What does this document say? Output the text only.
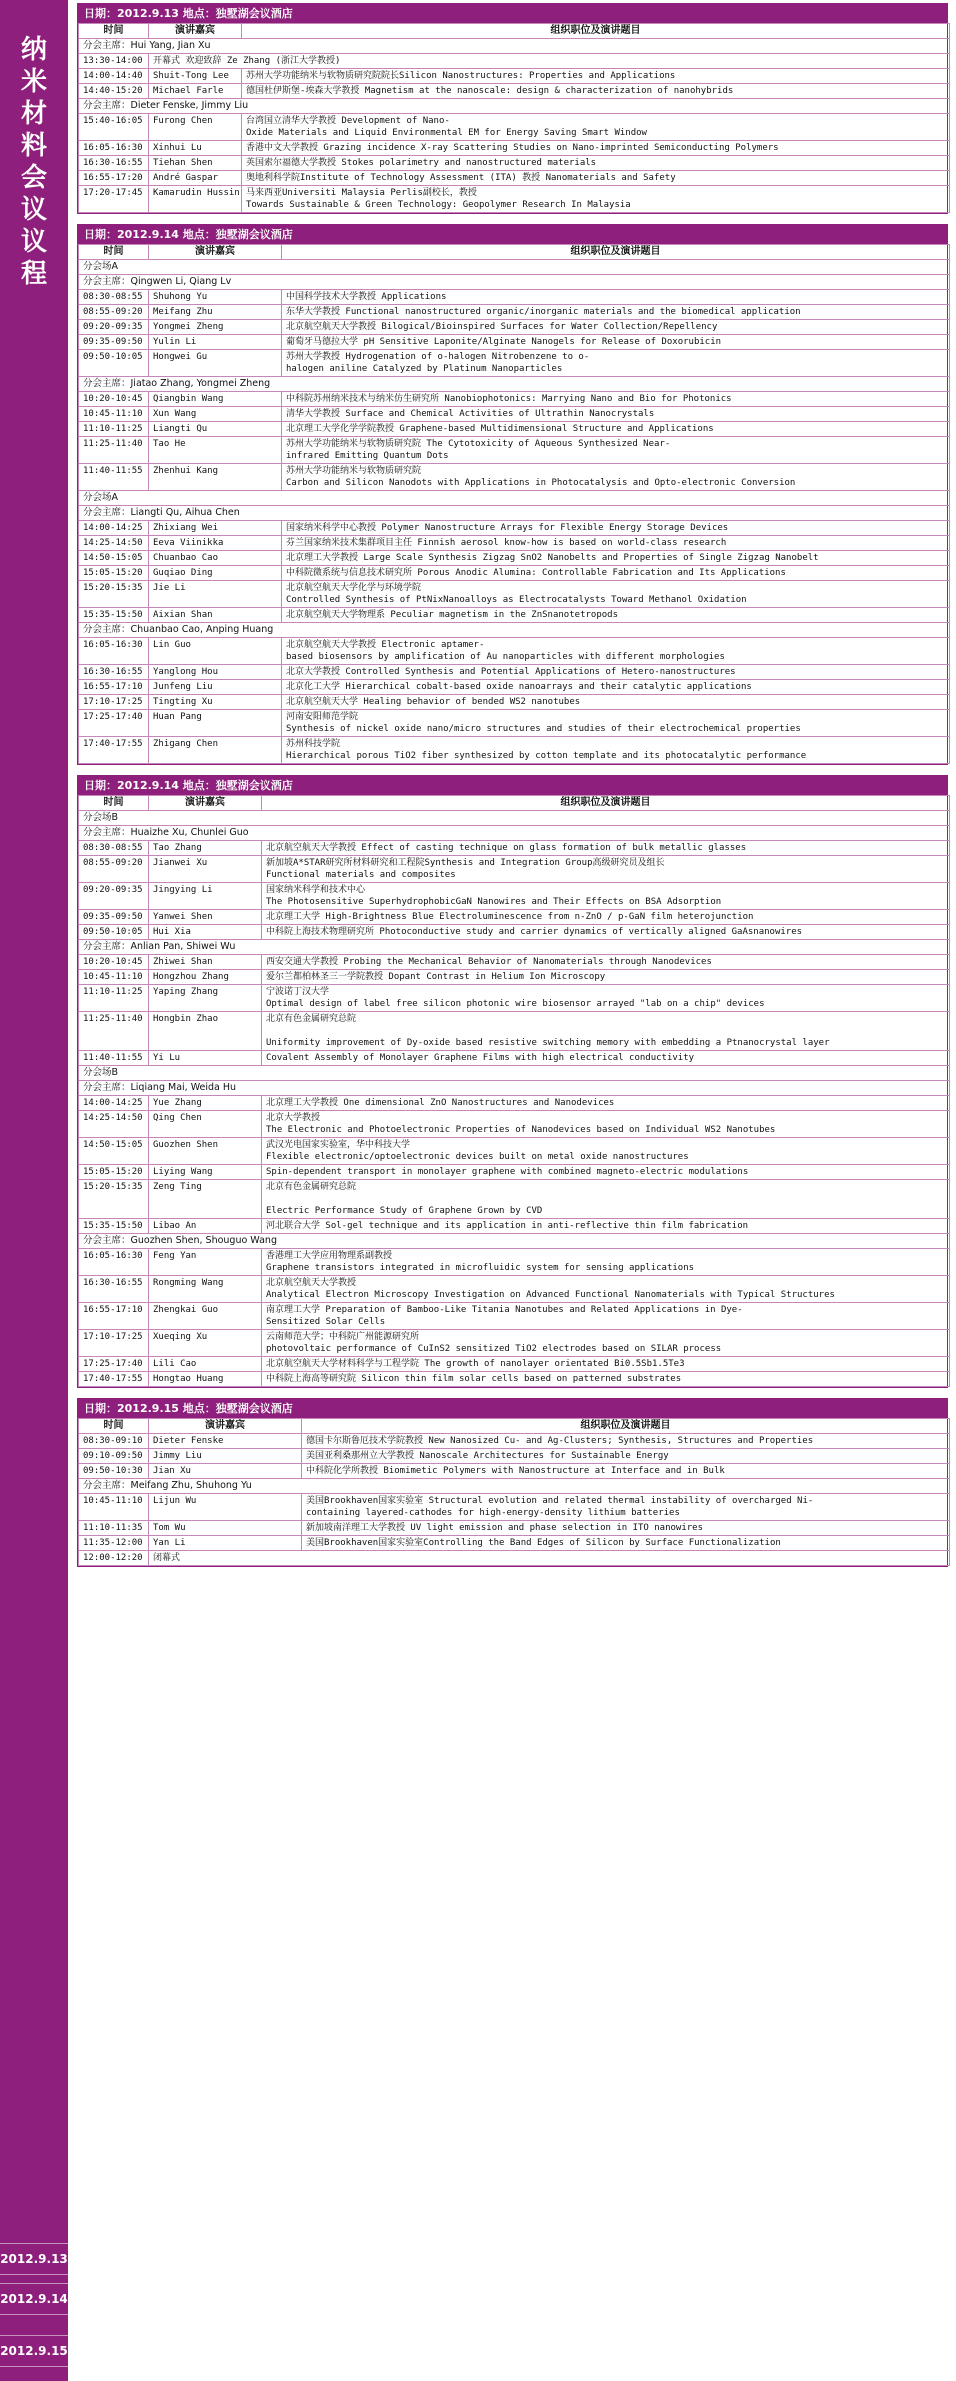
纳
米
材
料
会
议
议
程
2012.9.13
2012.9.14
2012.9.15
日期：2012.9.13 地点：独墅湖会议酒店
时间	演讲嘉宾	组织职位及演讲题目
分会主席：Hui Yang, Jian Xu		
13:30-14:00	开幕式 欢迎致辞 Ze Zhang (浙江大学教授)	
14:00-14:40	Shuit-Tong Lee	苏州大学功能纳米与软物质研究院院长Silicon Nanostructures: Properties and Applications
14:40-15:20	Michael Farle	德国杜伊斯堡-埃森大学教授 Magnetism at the nanoscale: design & characterization of nanohybrids
分会主席：Dieter Fenske, Jimmy Liu		
15:40-16:05	Furong Chen	台湾国立清华大学教授 Development of Nano-
Oxide Materials and Liquid Environmental EM for Energy Saving Smart Window
16:05-16:30	Xinhui Lu	香港中文大学教授 Grazing incidence X-ray Scattering Studies on Nano-imprinted Semiconducting Polymers
16:30-16:55	Tiehan Shen	英国索尔福德大学教授 Stokes polarimetry and nanostructured materials
16:55-17:20	André Gaspar	奥地利科学院Institute of Technology Assessment (ITA) 教授 Nanomaterials and Safety
17:20-17:45	Kamarudin Hussin	马来西亚Universiti Malaysia Perlis副校长，教授
Towards Sustainable & Green Technology: Geopolymer Research In Malaysia
日期：2012.9.14 地点：独墅湖会议酒店
时间	演讲嘉宾	组织职位及演讲题目
分会场A		
分会主席：Qingwen Li, Qiang Lv		
08:30-08:55	Shuhong Yu	中国科学技术大学教授 Applications
08:55-09:20	Meifang Zhu	东华大学教授 Functional nanostructured organic/inorganic materials and the biomedical application
09:20-09:35	Yongmei Zheng	北京航空航天大学教授 Bilogical/Bioinspired Surfaces for Water Collection/Repellency
09:35-09:50	Yulin Li	葡萄牙马德拉大学 pH Sensitive Laponite/Alginate Nanogels for Release of Doxorubicin
09:50-10:05	Hongwei Gu	苏州大学教授 Hydrogenation of o-halogen Nitrobenzene to o-
halogen aniline Catalyzed by Platinum Nanoparticles
分会主席：Jiatao Zhang, Yongmei Zheng		
10:20-10:45	Qiangbin Wang	中科院苏州纳米技术与纳米仿生研究所 Nanobiophotonics: Marrying Nano and Bio for Photonics
10:45-11:10	Xun Wang	清华大学教授 Surface and Chemical Activities of Ultrathin Nanocrystals
11:10-11:25	Liangti Qu	北京理工大学化学学院教授 Graphene-based Multidimensional Structure and Applications
11:25-11:40	Tao He	苏州大学功能纳米与软物质研究院 The Cytotoxicity of Aqueous Synthesized Near-
infrared Emitting Quantum Dots
11:40-11:55	Zhenhui Kang	苏州大学功能纳米与软物质研究院
Carbon and Silicon Nanodots with Applications in Photocatalysis and Opto-electronic Conversion
分会场A		
分会主席：Liangti Qu, Aihua Chen		
14:00-14:25	Zhixiang Wei	国家纳米科学中心教授 Polymer Nanostructure Arrays for Flexible Energy Storage Devices
14:25-14:50	Eeva Viinikka	芬兰国家纳米技术集群项目主任 Finnish aerosol know-how is based on world-class research
14:50-15:05	Chuanbao Cao	北京理工大学教授 Large Scale Synthesis Zigzag SnO2 Nanobelts and Properties of Single Zigzag Nanobelt
15:05-15:20	Guqiao Ding	中科院微系统与信息技术研究所 Porous Anodic Alumina: Controllable Fabrication and Its Applications
15:20-15:35	Jie Li	北京航空航天大学化学与环境学院
Controlled Synthesis of PtNixNanoalloys as Electrocatalysts Toward Methanol Oxidation
15:35-15:50	Aixian Shan	北京航空航天大学物理系 Peculiar magnetism in the ZnSnanotetropods
分会主席：Chuanbao Cao, Anping Huang		
16:05-16:30	Lin Guo	北京航空航天大学教授 Electronic aptamer-
based biosensors by amplification of Au nanoparticles with different morphologies
16:30-16:55	Yanglong Hou	北京大学教授 Controlled Synthesis and Potential Applications of Hetero-nanostructures
16:55-17:10	Junfeng Liu	北京化工大学 Hierarchical cobalt-based oxide nanoarrays and their catalytic applications
17:10-17:25	Tingting Xu	北京航空航天大学 Healing behavior of bended WS2 nanotubes
17:25-17:40	Huan Pang	河南安阳师范学院
Synthesis of nickel oxide nano/micro structures and studies of their electrochemical properties
17:40-17:55	Zhigang Chen	苏州科技学院
Hierarchical porous TiO2 fiber synthesized by cotton template and its photocatalytic performance
日期：2012.9.14 地点：独墅湖会议酒店
时间	演讲嘉宾	组织职位及演讲题目
分会场B		
分会主席：Huaizhe Xu, Chunlei Guo		
08:30-08:55	Tao Zhang	北京航空航天大学教授 Effect of casting technique on glass formation of bulk metallic glasses
08:55-09:20	Jianwei Xu	新加坡A*STAR研究所材料研究和工程院Synthesis and Integration Group高级研究员及组长
Functional materials and composites
09:20-09:35	Jingying Li	国家纳米科学和技术中心
The Photosensitive SuperhydrophobicGaN Nanowires and Their Effects on BSA Adsorption
09:35-09:50	Yanwei Shen	北京理工大学 High-Brightness Blue Electroluminescence from n-ZnO / p-GaN film heterojunction
09:50-10:05	Hui Xia	中科院上海技术物理研究所 Photoconductive study and carrier dynamics of vertically aligned GaAsnanowires
分会主席：Anlian Pan, Shiwei Wu		
10:20-10:45	Zhiwei Shan	西安交通大学教授 Probing the Mechanical Behavior of Nanomaterials through Nanodevices
10:45-11:10	Hongzhou Zhang	爱尔兰都柏林圣三一学院教授 Dopant Contrast in Helium Ion Microscopy
11:10-11:25	Yaping Zhang	宁波诺丁汉大学
Optimal design of label free silicon photonic wire biosensor arrayed "lab on a chip" devices
11:25-11:40	Hongbin Zhao	北京有色金属研究总院

Uniformity improvement of Dy-oxide based resistive switching memory with embedding a Ptnanocrystal layer
11:40-11:55	Yi Lu	Covalent Assembly of Monolayer Graphene Films with high electrical conductivity
分会场B		
分会主席：Liqiang Mai, Weida Hu		
14:00-14:25	Yue Zhang	北京理工大学教授 One dimensional ZnO Nanostructures and Nanodevices
14:25-14:50	Qing Chen	北京大学教授
The Electronic and Photoelectronic Properties of Nanodevices based on Individual WS2 Nanotubes
14:50-15:05	Guozhen Shen	武汉光电国家实验室，华中科技大学
Flexible electronic/optoelectronic devices built on metal oxide nanostructures
15:05-15:20	Liying Wang	Spin-dependent transport in monolayer graphene with combined magneto-electric modulations
15:20-15:35	Zeng Ting	北京有色金属研究总院

Electric Performance Study of Graphene Grown by CVD
15:35-15:50	Libao An	河北联合大学 Sol-gel technique and its application in anti-reflective thin film fabrication
分会主席：Guozhen Shen, Shouguo Wang		
16:05-16:30	Feng Yan	香港理工大学应用物理系副教授
Graphene transistors integrated in microfluidic system for sensing applications
16:30-16:55	Rongming Wang	北京航空航天大学教授
Analytical Electron Microscopy Investigation on Advanced Functional Nanomaterials with Typical Structures
16:55-17:10	Zhengkai Guo	南京理工大学 Preparation of Bamboo-Like Titania Nanotubes and Related Applications in Dye-
Sensitized Solar Cells
17:10-17:25	Xueqing Xu	云南师范大学；中科院广州能源研究所
photovoltaic performance of CuInS2 sensitized TiO2 electrodes based on SILAR process
17:25-17:40	Lili Cao	北京航空航天大学材料科学与工程学院 The growth of nanolayer orientated Bi0.5Sb1.5Te3
17:40-17:55	Hongtao Huang	中科院上海高等研究院 Silicon thin film solar cells based on patterned substrates
日期：2012.9.15 地点：独墅湖会议酒店
时间	演讲嘉宾	组织职位及演讲题目
08:30-09:10	Dieter Fenske	德国卡尔斯鲁厄技术学院教授 New Nanosized Cu- and Ag-Clusters; Synthesis, Structures and Properties
09:10-09:50	Jimmy Liu	美国亚利桑那州立大学教授 Nanoscale Architectures for Sustainable Energy
09:50-10:30	Jian Xu	中科院化学所教授 Biomimetic Polymers with Nanostructure at Interface and in Bulk
分会主席：Meifang Zhu, Shuhong Yu		
10:45-11:10	Lijun Wu	美国Brookhaven国家实验室 Structural evolution and related thermal instability of overcharged Ni-
containing layered-cathodes for high-energy-density lithium batteries
11:10-11:35	Tom Wu	新加坡南洋理工大学教授 UV light emission and phase selection in ITO nanowires
11:35-12:00	Yan Li	美国Brookhaven国家实验室Controlling the Band Edges of Silicon by Surface Functionalization
12:00-12:20	闭幕式	
